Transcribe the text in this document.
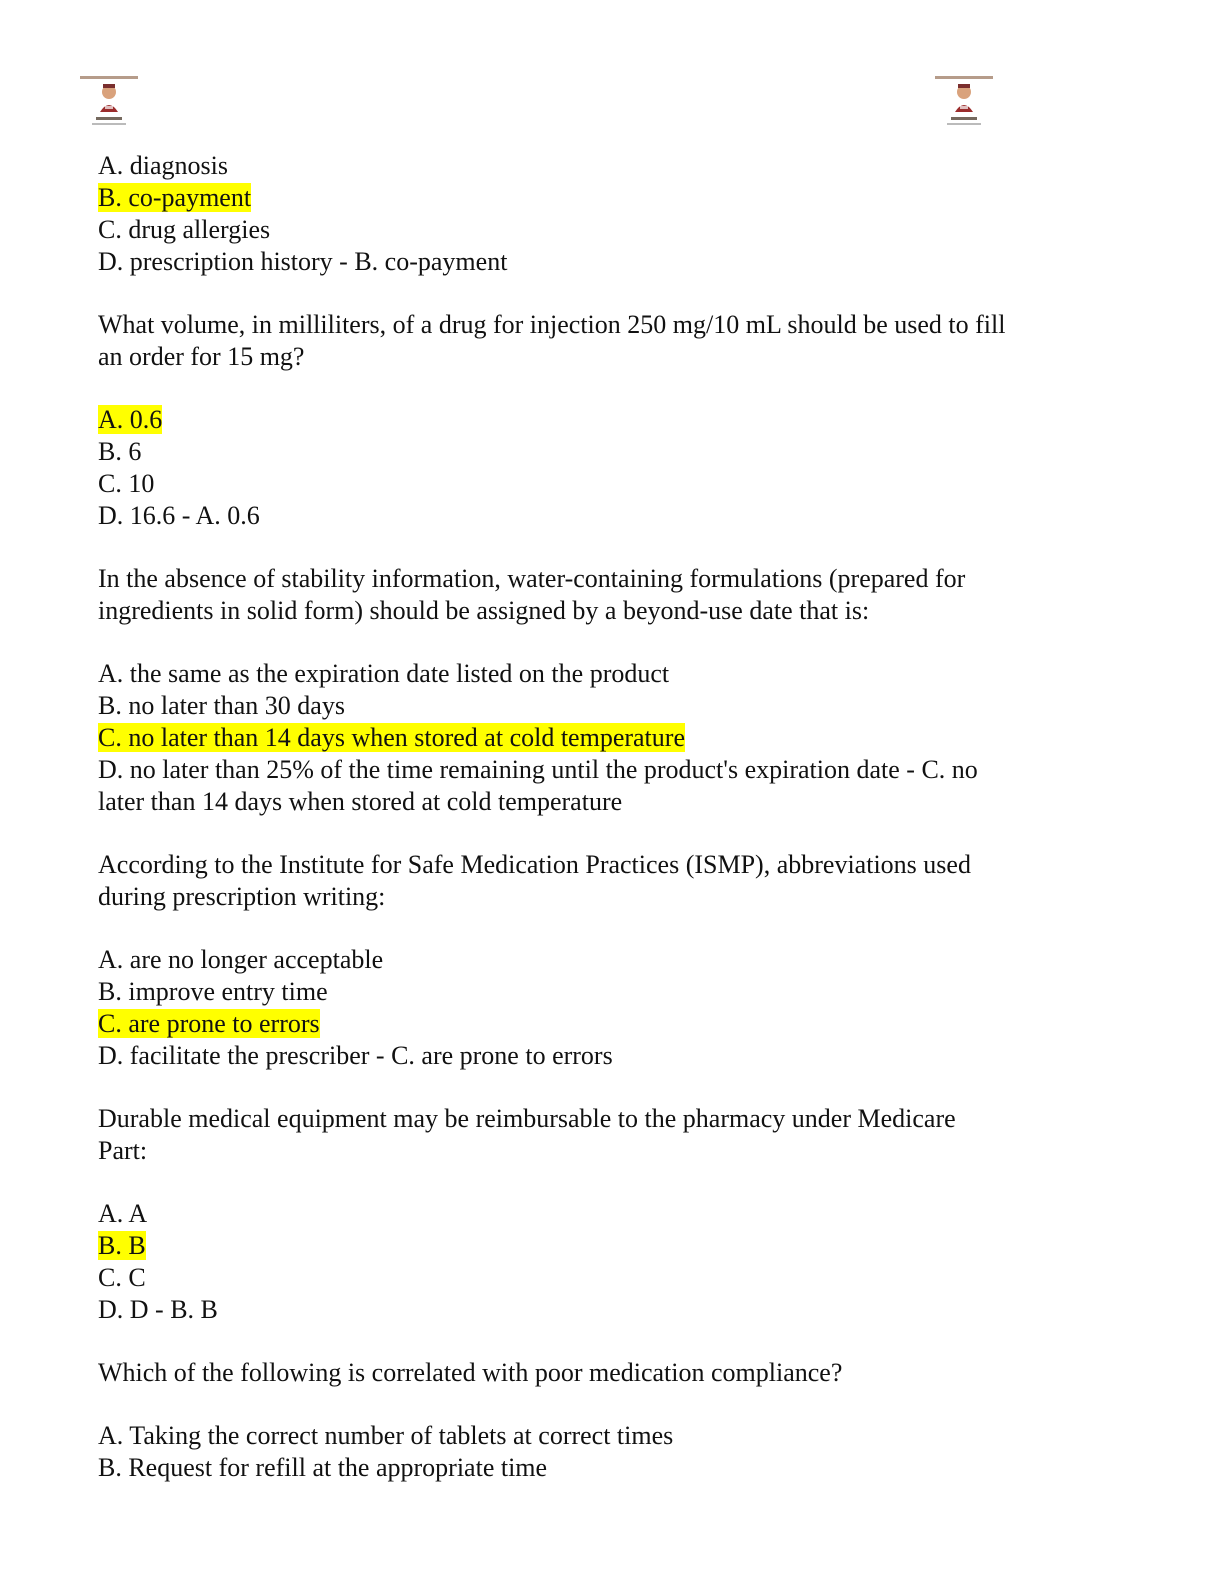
A. diagnosis

B. co-payment

C. drug allergies

D. prescription history - B. co-payment

What volume, in milliliters, of a drug for injection 250 mg/10 mL should be used to fill

an order for 15 mg?

A. 0.6

B. 6

C. 10

D. 16.6 - A. 0.6

In the absence of stability information, water-containing formulations (prepared for

ingredients in solid form) should be assigned by a beyond-use date that is:

A. the same as the expiration date listed on the product

B. no later than 30 days

C. no later than 14 days when stored at cold temperature

D. no later than 25% of the time remaining until the product's expiration date - C. no

later than 14 days when stored at cold temperature

According to the Institute for Safe Medication Practices (ISMP), abbreviations used

during prescription writing:

A. are no longer acceptable

B. improve entry time

C. are prone to errors

D. facilitate the prescriber - C. are prone to errors

Durable medical equipment may be reimbursable to the pharmacy under Medicare

Part:

A. A

B. B

C. C

D. D - B. B

Which of the following is correlated with poor medication compliance?

A. Taking the correct number of tablets at correct times

B. Request for refill at the appropriate time
